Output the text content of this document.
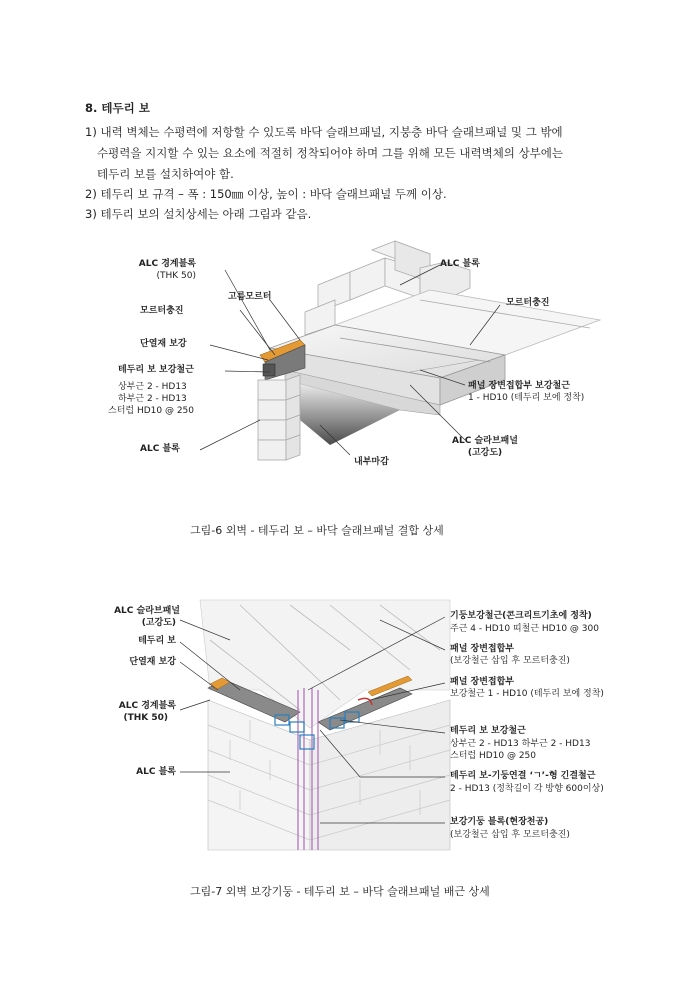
8. 테두리 보
1) 내력 벽체는 수평력에 저항할 수 있도록 바닥 슬래브패널, 지붕층 바닥 슬래브패널 및 그 밖에
수평력을 지지할 수 있는 요소에 적절히 정착되어야 하며 그를 위해 모든 내력벽체의 상부에는
테두리 보를 설치하여야 함.
2) 테두리 보 규격 – 폭 : 150㎜ 이상, 높이 : 바닥 슬래브패널 두께 이상.
3) 테두리 보의 설치상세는 아래 그림과 같음.
ALC 경계블록
(THK 50)
ALC 블록
고름모르터
모르터충진
모르터충진
단열재 보강
테두리 보 보강철근
상부근 2 - HD13
하부근 2 - HD13
스터럽 HD10 @ 250
패널 장변접합부 보강철근
1 - HD10 (테두리 보에 정착)
ALC 블록
ALC 슬라브패널
(고강도)
내부마감
그림-6 외벽 - 테두리 보 – 바닥 슬래브패널 결합 상세
ALC 슬라브패널
(고강도)
테두리 보
단열재 보강
ALC 경계블록
(THK 50)
ALC 블록
기둥보강철근(콘크리트기초에 정착)
주근 4 - HD10 띠철근 HD10 @ 300
패널 장변접합부
(보강철근 삽입 후 모르터충진)
패널 장변접합부
보강철근 1 - HD10 (테두리 보에 정착)
테두리 보 보강철근
상부근 2 - HD13 하부근 2 - HD13
스터럽 HD10 @ 250
테두리 보-기둥연결 ‘ㄱ’-형 긴결철근
2 - HD13 (정착길이 각 방향 600이상)
보강기둥 블록(현장천공)
(보강철근 삽입 후 모르터충진)
그림-7 외벽 보강기둥 - 테두리 보 – 바닥 슬래브패널 배근 상세
